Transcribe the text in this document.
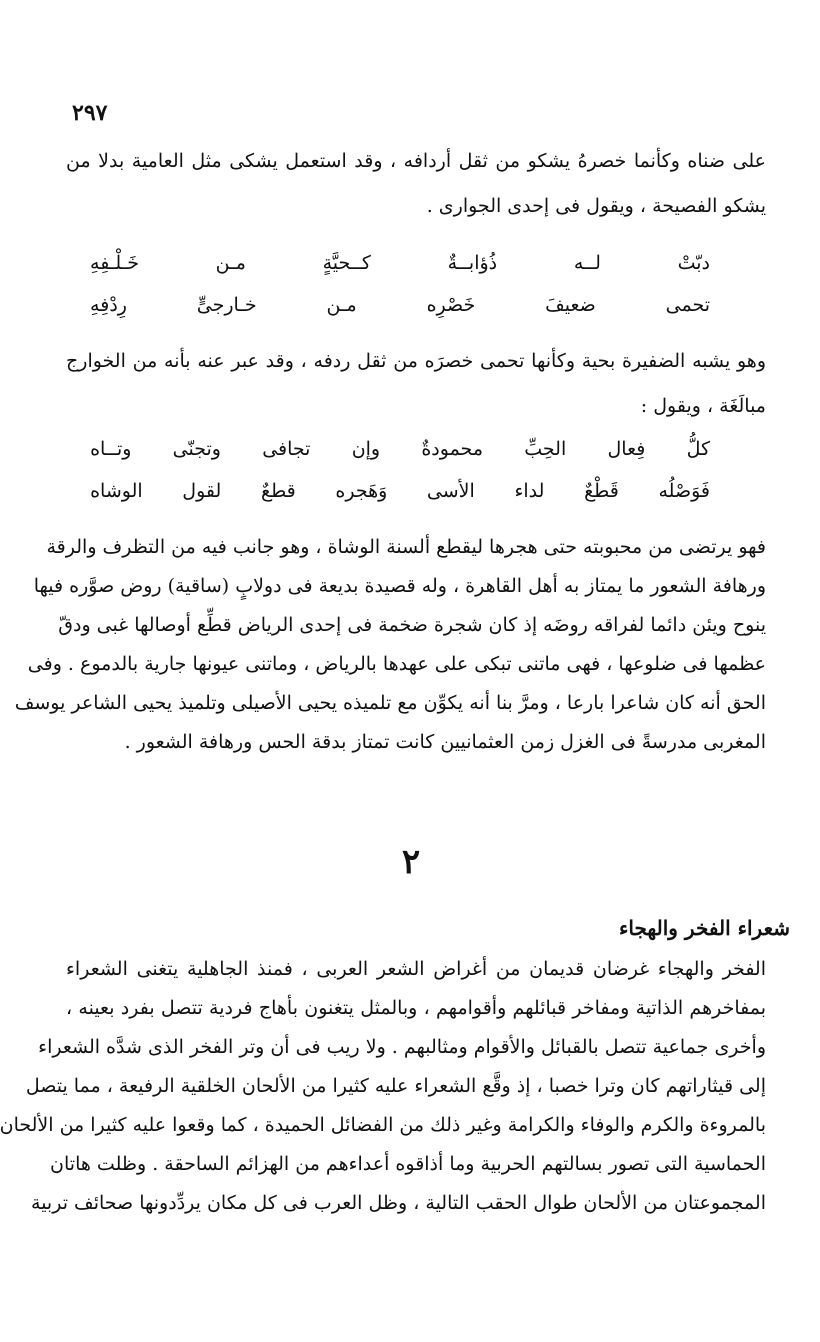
٢٩٧
على ضناه وكأنما خصرهُ يشكو من ثقل أردافه ، وقد استعمل يشكى مثل العامية بدلا من
يشكو الفصيحة ، ويقول فى إحدى الجوارى .
دبّتْ
لــه
ذُؤابــةٌ
كــحيَّةٍ
مـن
خَـلْـفِهِ
تحمى
ضعيفَ
خَصْرِه
مـن
خـارجىٍّ
رِدْفِهِ
وهو يشبه الضفيرة بحية وكأنها تحمى خصرَه من ثقل ردفه ، وقد عبر عنه بأنه من الخوارج
مبالَغَة ، ويقول :
كلُّ
فِعال
الحِبِّ
محمودةٌ
وإن
تجافى
وتجنّى
وتــاه
فَوَصْلُه
قَطْعٌ
لداء
الأسى
وَهَجره
قطعٌ
لقول
الوشاه
فهو يرتضى من محبوبته حتى هجرها ليقطع ألسنة الوشاة ، وهو جانب فيه من التظرف والرقة
ورهافة الشعور ما يمتاز به أهل القاهرة ، وله قصيدة بديعة فى دولابٍ (ساقية) روض صوَّره فيها
ينوح ويئن دائما لفراقه روضَه إذ كان شجرة ضخمة فى إحدى الرياض قطِّع أوصالها غبى ودقّ
عظمها فى ضلوعها ، فهى ماتنى تبكى على عهدها بالرياض ، وماتنى عيونها جارية بالدموع . وفى
الحق أنه كان شاعرا بارعا ، ومرَّ بنا أنه يكوِّن مع تلميذه يحيى الأصيلى وتلميذ يحيى الشاعر يوسف
المغربى مدرسةً فى الغزل زمن العثمانيين كانت تمتاز بدقة الحس ورهافة الشعور .
٢
شعراء الفخر والهجاء
الفخر والهجاء غرضان قديمان من أغراض الشعر العربى ، فمنذ الجاهلية يتغنى الشعراء
بمفاخرهم الذاتية ومفاخر قبائلهم وأقوامهم ، وبالمثل يتغنون بأهاج فردية تتصل بفرد بعينه ،
وأخرى جماعية تتصل بالقبائل والأقوام ومثالبهم . ولا ريب فى أن وتر الفخر الذى شدَّه الشعراء
إلى قيثاراتهم كان وترا خصبا ، إذ وقَّع الشعراء عليه كثيرا من الألحان الخلقية الرفيعة ، مما يتصل
بالمروءة والكرم والوفاء والكرامة وغير ذلك من الفضائل الحميدة ، كما وقعوا عليه كثيرا من الألحان
الحماسية التى تصور بسالتهم الحربية وما أذاقوه أعداءهم من الهزائم الساحقة . وظلت هاتان
المجموعتان من الألحان طوال الحقب التالية ، وظل العرب فى كل مكان يردِّدونها صحائف تربية
